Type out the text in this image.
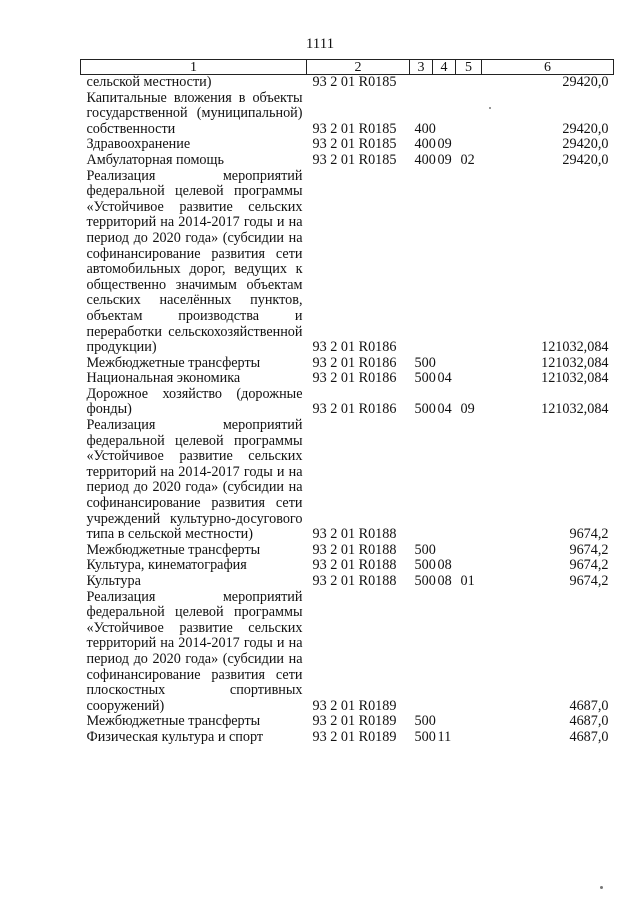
1111
1	2	3	4	5	6
сельской местности)	93 2 01 R0185				29420,0
Капитальные вложения в объекты государственной (муниципальной) собственности	93 2 01 R0185	400			29420,0
Здравоохранение	93 2 01 R0185	400	09		29420,0
Амбулаторная помощь	93 2 01 R0185	400	09	02	29420,0
Реализация мероприятий федеральной целевой программы «Устойчивое развитие сельских территорий на 2014-2017 годы и на период до 2020 года» (субсидии на софинансирование развития сети автомобильных дорог, ведущих к общественно значимым объектам сельских населённых пунктов, объектам производства и переработки сельскохозяйственной продукции)	93 2 01 R0186				121032,084
Межбюджетные трансферты	93 2 01 R0186	500			121032,084
Национальная экономика	93 2 01 R0186	500	04		121032,084
Дорожное хозяйство (дорожные фонды)	93 2 01 R0186	500	04	09	121032,084
Реализация мероприятий федеральной целевой программы «Устойчивое развитие сельских территорий на 2014-2017 годы и на период до 2020 года» (субсидии на софинансирование развития сети учреждений культурно-досугового типа в сельской местности)	93 2 01 R0188				9674,2
Межбюджетные трансферты	93 2 01 R0188	500			9674,2
Культура, кинематография	93 2 01 R0188	500	08		9674,2
Культура	93 2 01 R0188	500	08	01	9674,2
Реализация мероприятий федеральной целевой программы «Устойчивое развитие сельских территорий на 2014-2017 годы и на период до 2020 года» (субсидии на софинансирование развития сети плоскостных спортивных сооружений)	93 2 01 R0189				4687,0
Межбюджетные трансферты	93 2 01 R0189	500			4687,0
Физическая культура и спорт	93 2 01 R0189	500	11		4687,0
